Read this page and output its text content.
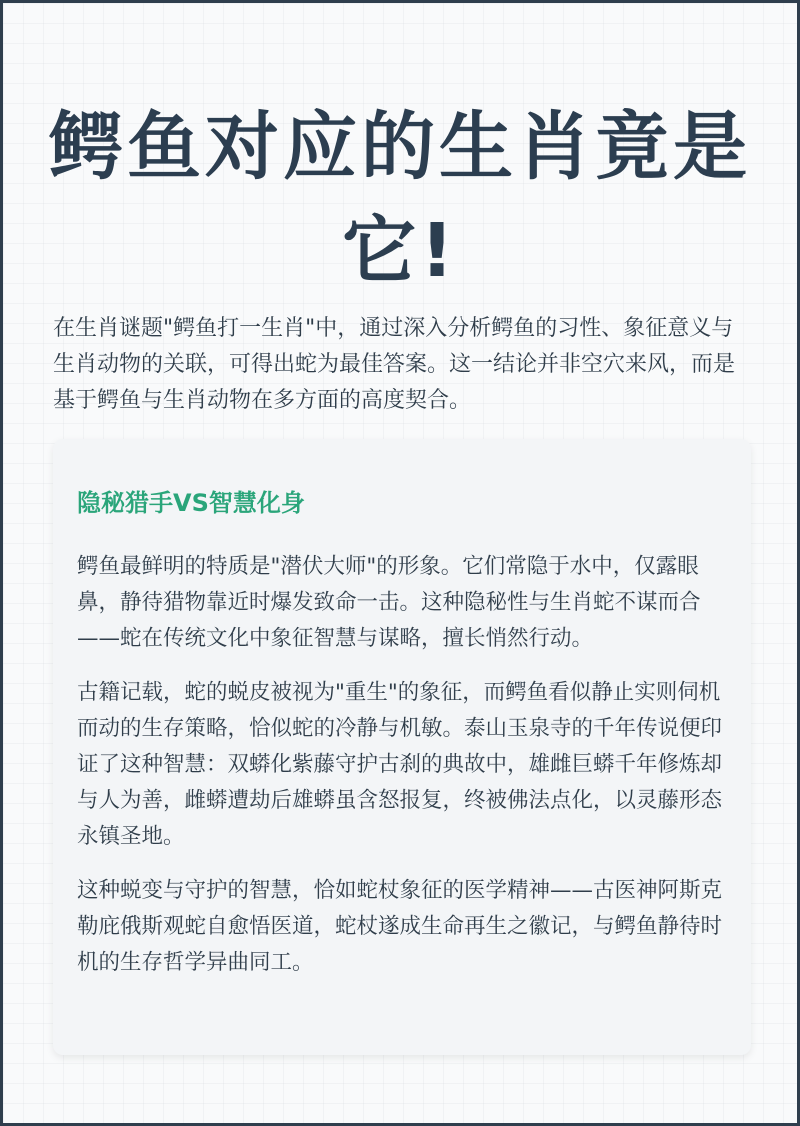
鳄鱼对应的生肖竟是它!

在生肖谜题"鳄鱼打一生肖"中，通过深入分析鳄鱼的习性、象征意义与生肖动物的关联，可得出蛇为最佳答案。这一结论并非空穴来风，而是基于鳄鱼与生肖动物在多方面的高度契合。

隐秘猎手VS智慧化身

鳄鱼最鲜明的特质是"潜伏大师"的形象。它们常隐于水中，仅露眼鼻，静待猎物靠近时爆发致命一击。这种隐秘性与生肖蛇不谋而合——蛇在传统文化中象征智慧与谋略，擅长悄然行动。

古籍记载，蛇的蜕皮被视为"重生"的象征，而鳄鱼看似静止实则伺机而动的生存策略，恰似蛇的冷静与机敏。泰山玉泉寺的千年传说便印证了这种智慧：双蟒化紫藤守护古刹的典故中，雄雌巨蟒千年修炼却与人为善，雌蟒遭劫后雄蟒虽含怒报复，终被佛法点化，以灵藤形态永镇圣地。

这种蜕变与守护的智慧，恰如蛇杖象征的医学精神——古医神阿斯克勒庇俄斯观蛇自愈悟医道，蛇杖遂成生命再生之徽记，与鳄鱼静待时机的生存哲学异曲同工。
